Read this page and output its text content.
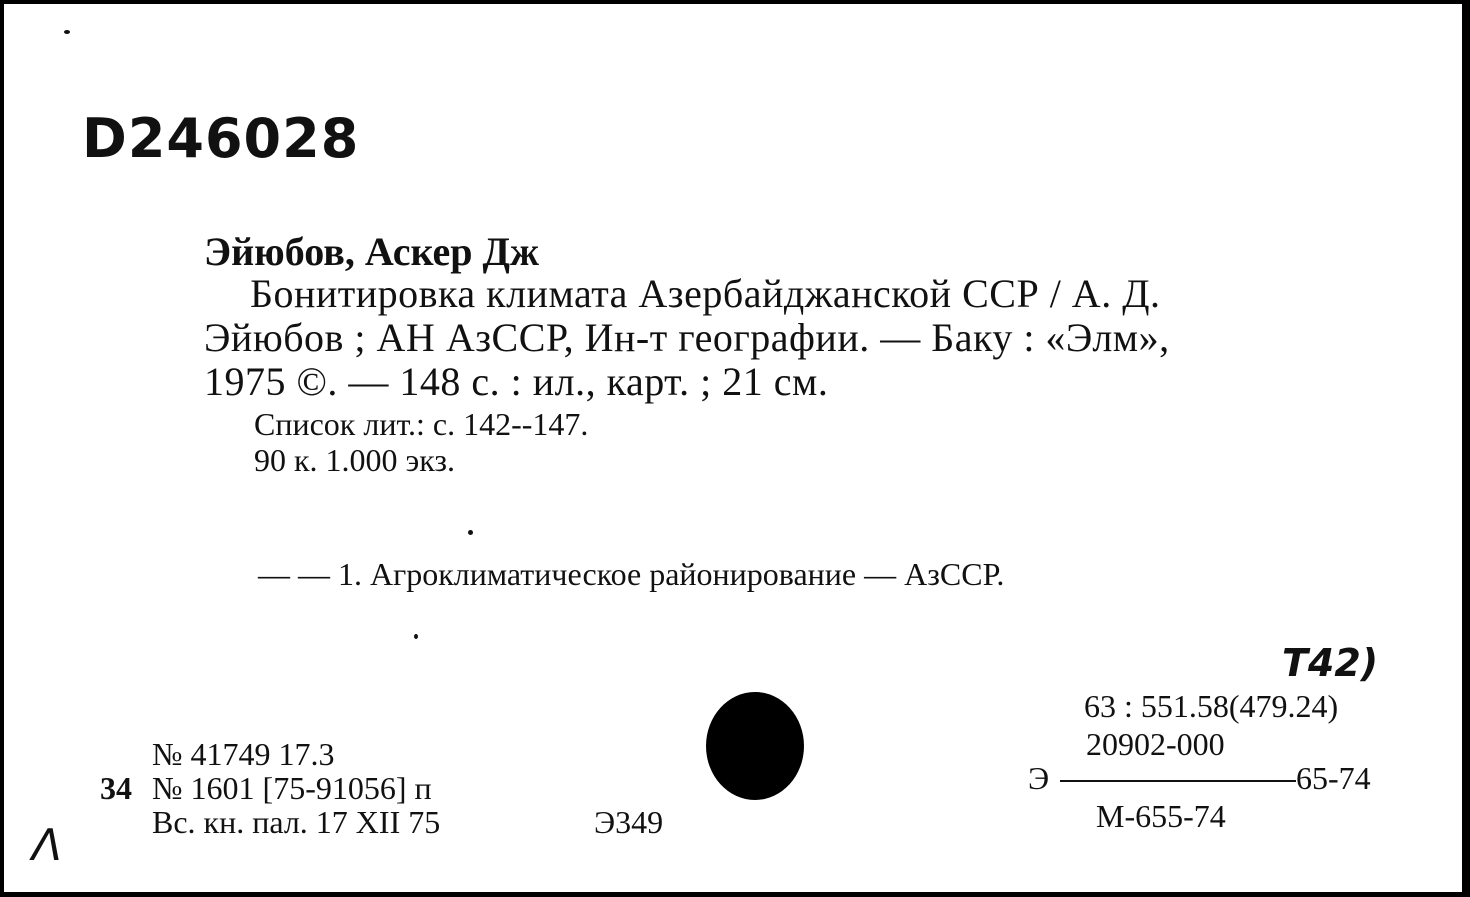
D246028
Эйюбов, Аскер Дж
Бонитировка климата Азербайджанской ССР / А. Д.
Эйюбов ; АН АзССР, Ин-т географии. — Баку : «Элм»,
1975 ©. — 148 с. : ил., карт. ; 21 см.
Список лит.: с. 142--147.
90 к. 1.000 экз.
— — 1. Агроклиматическое районирование — АзССР.
Т42)
63 : 551.58(479.24)
20902-000
Э	65-74
М-655-74
№ 41749 17.3
34 № 1601 [75-91056] п
Вс. кн. пал. 17 XII 75	Э349
Λ
